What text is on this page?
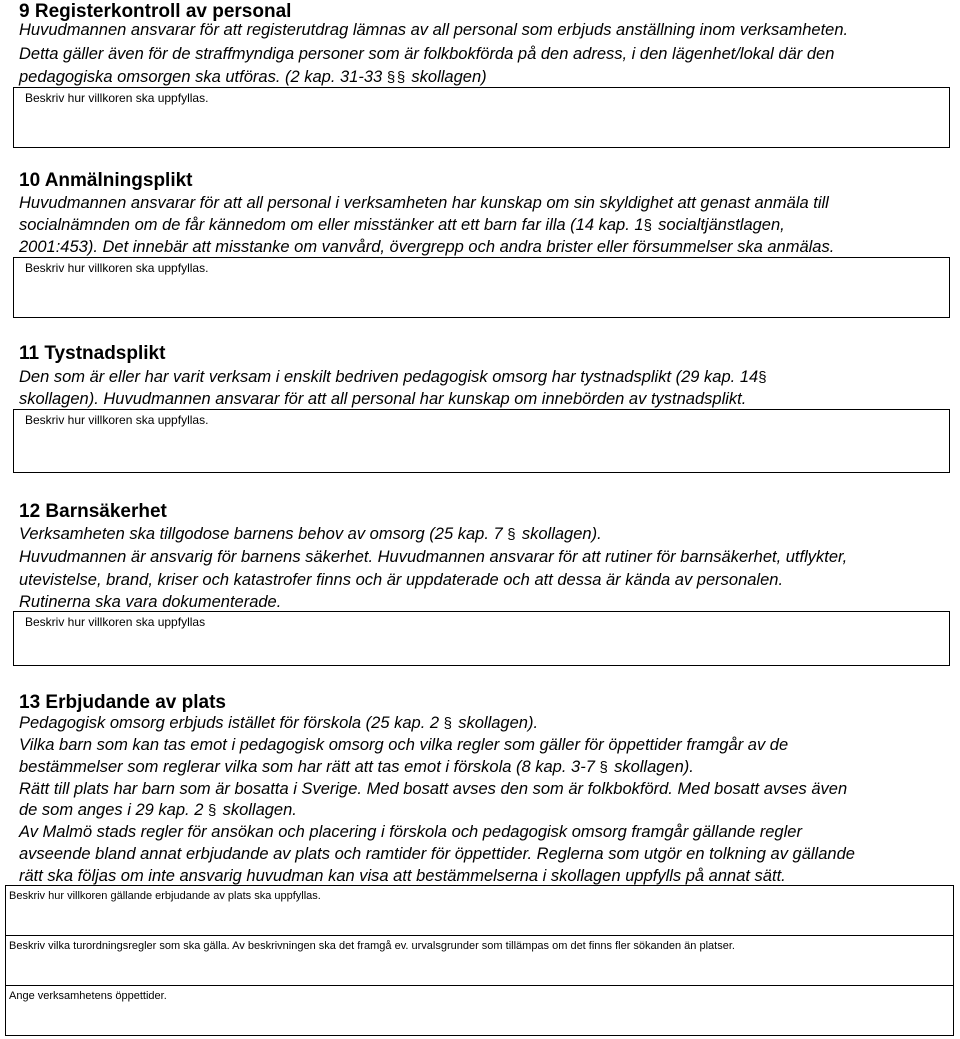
9 Registerkontroll av personal
Huvudmannen ansvarar för att registerutdrag lämnas av all personal som erbjuds anställning inom verksamheten.
Detta gäller även för de straffmyndiga personer som är folkbokförda på den adress, i den lägenhet/lokal där den
pedagogiska omsorgen ska utföras. (2 kap. 31-33 § § skollagen)
Beskriv hur villkoren ska uppfyllas.
10 Anmälningsplikt
Huvudmannen ansvarar för att all personal i verksamheten har kunskap om sin skyldighet att genast anmäla till
socialnämnden om de får kännedom om eller misstänker att ett barn far illa (14 kap. 1 § socialtjänstlagen,
2001:453). Det innebär att misstanke om vanvård, övergrepp och andra brister eller försummelser ska anmälas.
Beskriv hur villkoren ska uppfyllas.
11 Tystnadsplikt
Den som är eller har varit verksam i enskilt bedriven pedagogisk omsorg har tystnadsplikt (29 kap. 14§
skollagen). Huvudmannen ansvarar för att all personal har kunskap om innebörden av tystnadsplikt.
Beskriv hur villkoren ska uppfyllas.
12 Barnsäkerhet
Verksamheten ska tillgodose barnens behov av omsorg (25 kap. 7 § skollagen).
Huvudmannen är ansvarig för barnens säkerhet. Huvudmannen ansvarar för att rutiner för barnsäkerhet, utflykter,
utevistelse, brand, kriser och katastrofer finns och är uppdaterade och att dessa är kända av personalen.
Rutinerna ska vara dokumenterade.
Beskriv hur villkoren ska uppfyllas
13 Erbjudande av plats
Pedagogisk omsorg erbjuds istället för förskola (25 kap. 2 § skollagen).
Vilka barn som kan tas emot i pedagogisk omsorg och vilka regler som gäller för öppettider framgår av de
bestämmelser som reglerar vilka som har rätt att tas emot i förskola (8 kap. 3-7 § skollagen).
Rätt till plats har barn som är bosatta i Sverige. Med bosatt avses den som är folkbokförd. Med bosatt avses även
de som anges i 29 kap. 2 § skollagen.
Av Malmö stads regler för ansökan och placering i förskola och pedagogisk omsorg framgår gällande regler
avseende bland annat erbjudande av plats och ramtider för öppettider. Reglerna som utgör en tolkning av gällande
rätt ska följas om inte ansvarig huvudman kan visa att bestämmelserna i skollagen uppfylls på annat sätt.
Beskriv hur villkoren gällande erbjudande av plats ska uppfyllas.
Beskriv vilka turordningsregler som ska gälla. Av beskrivningen ska det framgå ev. urvalsgrunder som tillämpas om det finns fler sökanden än platser.
Ange verksamhetens öppettider.
